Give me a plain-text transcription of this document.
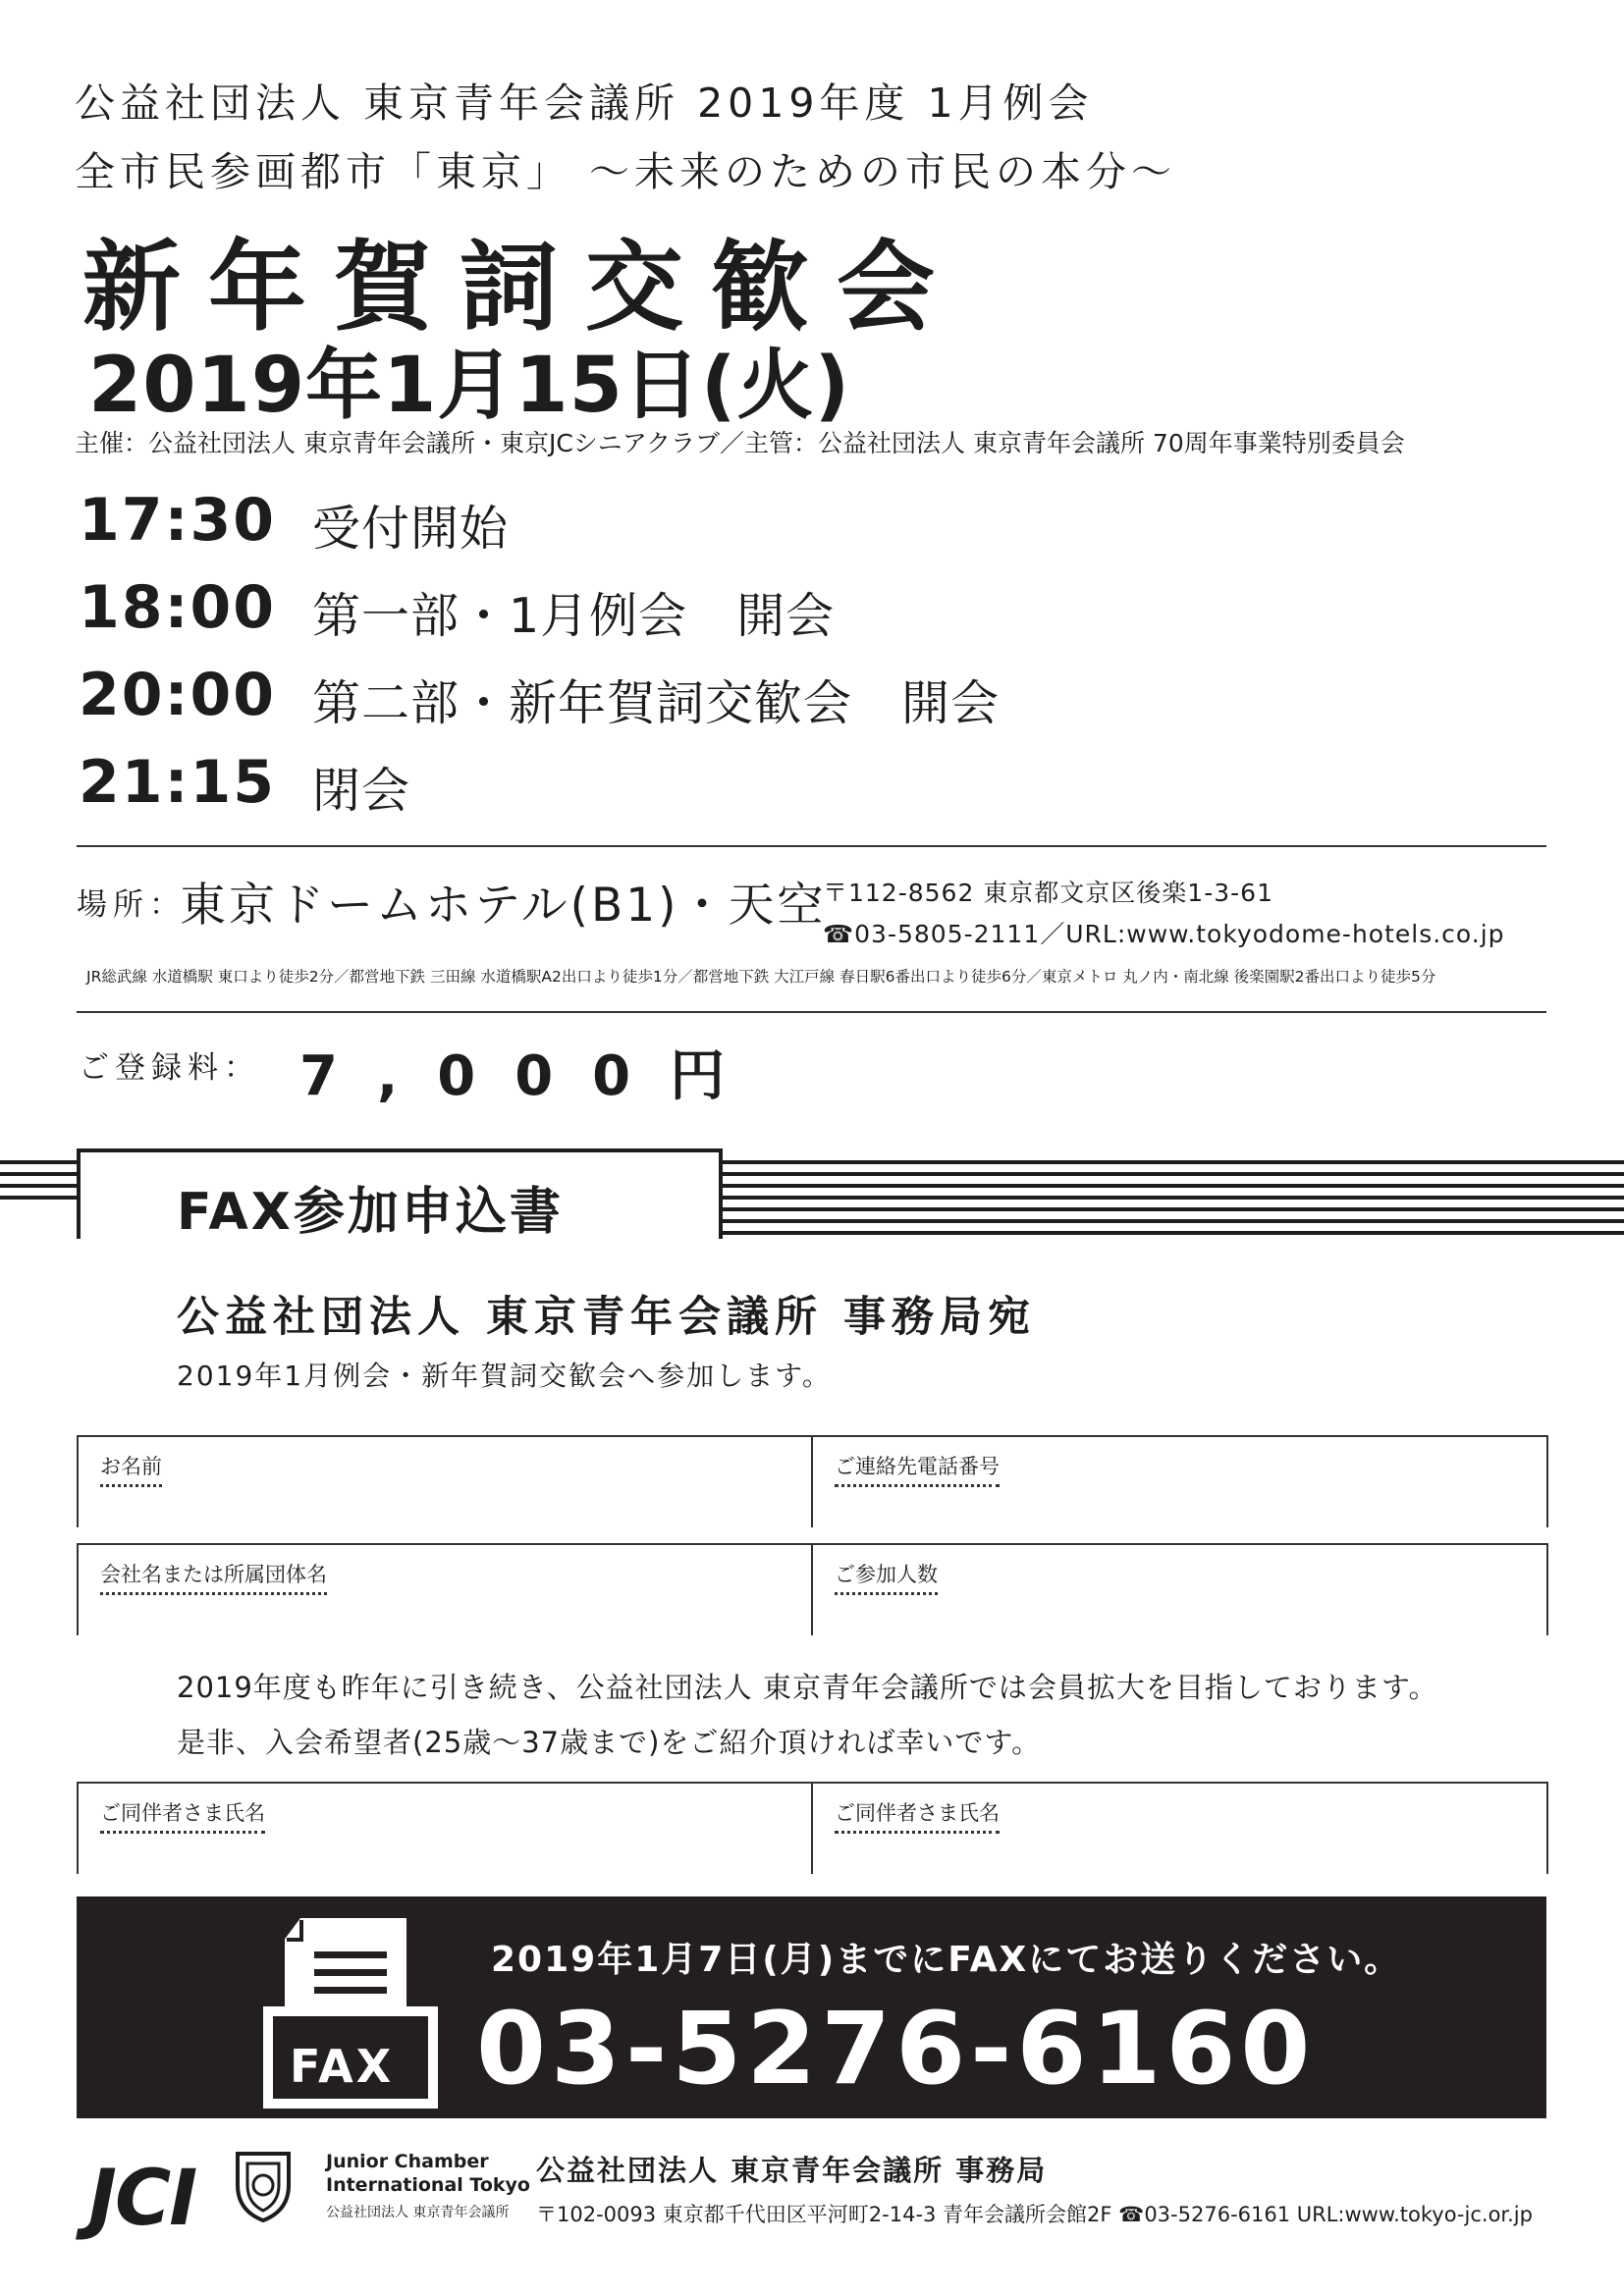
公益社団法人 東京青年会議所 2019年度 1月例会
全市民参画都市「東京」 〜未来のための市民の本分〜
新年賀詞交歓会
2019年1月15日(火)
主催：公益社団法人 東京青年会議所・東京JCシニアクラブ／主管：公益社団法人 東京青年会議所 70周年事業特別委員会
17:30 受付開始
18:00 第一部・1月例会　開会
20:00 第二部・新年賀詞交歓会　開会
21:15 閉会
場所：
東京ドームホテル(B1)・天空
〒112-8562 東京都文京区後楽1-3-61
☎03-5805-2111／URL:www.tokyodome-hotels.co.jp
JR総武線 水道橋駅 東口より徒歩2分／都営地下鉄 三田線 水道橋駅A2出口より徒歩1分／都営地下鉄 大江戸線 春日駅6番出口より徒歩6分／東京メトロ 丸ノ内・南北線 後楽園駅2番出口より徒歩5分
ご登録料： 7,000円
FAX参加申込書
公益社団法人 東京青年会議所 事務局宛
2019年1月例会・新年賀詞交歓会へ参加します。
お名前	ご連絡先電話番号
会社名または所属団体名	ご参加人数
2019年度も昨年に引き続き、公益社団法人 東京青年会議所では会員拡大を目指しております。
是非、入会希望者(25歳〜37歳まで)をご紹介頂ければ幸いです。
ご同伴者さま氏名	ご同伴者さま氏名
FAX
2019年1月7日(月)までにFAXにてお送りください。
03-5276-6160
JCI	Junior Chamber
International Tokyo
公益社団法人 東京青年会議所
公益社団法人 東京青年会議所 事務局
〒102-0093 東京都千代田区平河町2-14-3 青年会議所会館2F ☎03-5276-6161 URL:www.tokyo-jc.or.jp
